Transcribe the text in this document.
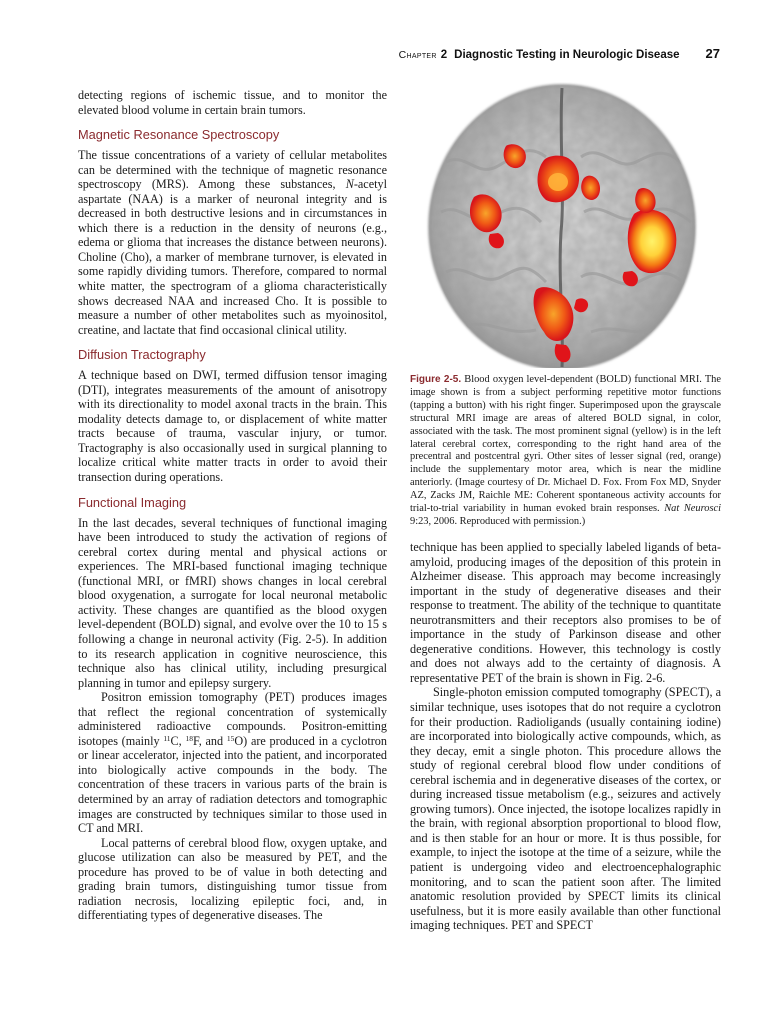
Chapter 2 Diagnostic Testing in Neurologic Disease 27

detecting regions of ischemic tissue, and to monitor the elevated blood volume in certain brain tumors.

Magnetic Resonance Spectroscopy

The tissue concentrations of a variety of cellular metabolites can be determined with the technique of magnetic resonance spectroscopy (MRS). Among these substances, N-acetyl aspartate (NAA) is a marker of neuronal integrity and is decreased in both destructive lesions and in circumstances in which there is a reduction in the density of neurons (e.g., edema or glioma that increases the distance between neurons). Choline (Cho), a marker of membrane turnover, is elevated in some rapidly dividing tumors. Therefore, compared to normal white matter, the spectrogram of a glioma characteristically shows decreased NAA and increased Cho. It is possible to measure a number of other metabolites such as myoinositol, creatine, and lactate that find occasional clinical utility.

Diffusion Tractography

A technique based on DWI, termed diffusion tensor imaging (DTI), integrates measurements of the amount of anisotropy with its directionality to model axonal tracts in the brain. This modality detects damage to, or displacement of white matter tracts because of trauma, vascular injury, or tumor. Tractography is also occasionally used in surgical planning to localize critical white matter tracts in order to avoid their transection during operations.

Functional Imaging

In the last decades, several techniques of functional imaging have been introduced to study the activation of regions of cerebral cortex during mental and physical actions or experiences. The MRI-based functional imaging technique (functional MRI, or fMRI) shows changes in local cerebral blood oxygenation, a surrogate for local neuronal metabolic activity. These changes are quantified as the blood oxygen level-dependent (BOLD) signal, and evolve over the 10 to 15 s following a change in neuronal activity (Fig. 2-5). In addition to its research application in cognitive neuroscience, this technique also has clinical utility, including presurgical planning in tumor and epilepsy surgery.

Positron emission tomography (PET) produces images that reflect the regional concentration of systemically administered radioactive compounds. Positron-emitting isotopes (mainly $^{11}$C, $^{18}$F, and $^{15}$O) are produced in a cyclotron or linear accelerator, injected into the patient, and incorporated into biologically active compounds in the body. The concentration of these tracers in various parts of the brain is determined by an array of radiation detectors and tomographic images are constructed by techniques similar to those used in CT and MRI.

Local patterns of cerebral blood flow, oxygen uptake, and glucose utilization can also be measured by PET, and the procedure has proved to be of value in both detecting and grading brain tumors, distinguishing tumor tissue from radiation necrosis, localizing epileptic foci, and, in differentiating types of degenerative diseases. The

Figure 2-5. Blood oxygen level-dependent (BOLD) functional MRI. The image shown is from a subject performing repetitive motor functions (tapping a button) with his right finger. Superimposed upon the grayscale structural MRI image are areas of altered BOLD signal, in color, associated with the task. The most prominent signal (yellow) is in the left lateral cerebral cortex, corresponding to the right hand area of the precentral and postcentral gyri. Other sites of lesser signal (red, orange) include the supplementary motor area, which is near the midline anteriorly. (Image courtesy of Dr. Michael D. Fox. From Fox MD, Snyder AZ, Zacks JM, Raichle ME: Coherent spontaneous activity accounts for trial-to-trial variability in human evoked brain responses. Nat Neurosci 9:23, 2006. Reproduced with permission.)

technique has been applied to specially labeled ligands of beta-amyloid, producing images of the deposition of this protein in Alzheimer disease. This approach may become increasingly important in the study of degenerative diseases and their response to treatment. The ability of the technique to quantitate neurotransmitters and their receptors also promises to be of importance in the study of Parkinson disease and other degenerative conditions. However, this technology is costly and does not always add to the certainty of diagnosis. A representative PET of the brain is shown in Fig. 2-6.

Single-photon emission computed tomography (SPECT), a similar technique, uses isotopes that do not require a cyclotron for their production. Radioligands (usually containing iodine) are incorporated into biologically active compounds, which, as they decay, emit a single photon. This procedure allows the study of regional cerebral blood flow under conditions of cerebral ischemia and in degenerative diseases of the cortex, or during increased tissue metabolism (e.g., seizures and actively growing tumors). Once injected, the isotope localizes rapidly in the brain, with regional absorption proportional to blood flow, and is then stable for an hour or more. It is thus possible, for example, to inject the isotope at the time of a seizure, while the patient is undergoing video and electroencephalographic monitoring, and to scan the patient soon after. The limited anatomic resolution provided by SPECT limits its clinical usefulness, but it is more easily available than other functional imaging techniques. PET and SPECT
